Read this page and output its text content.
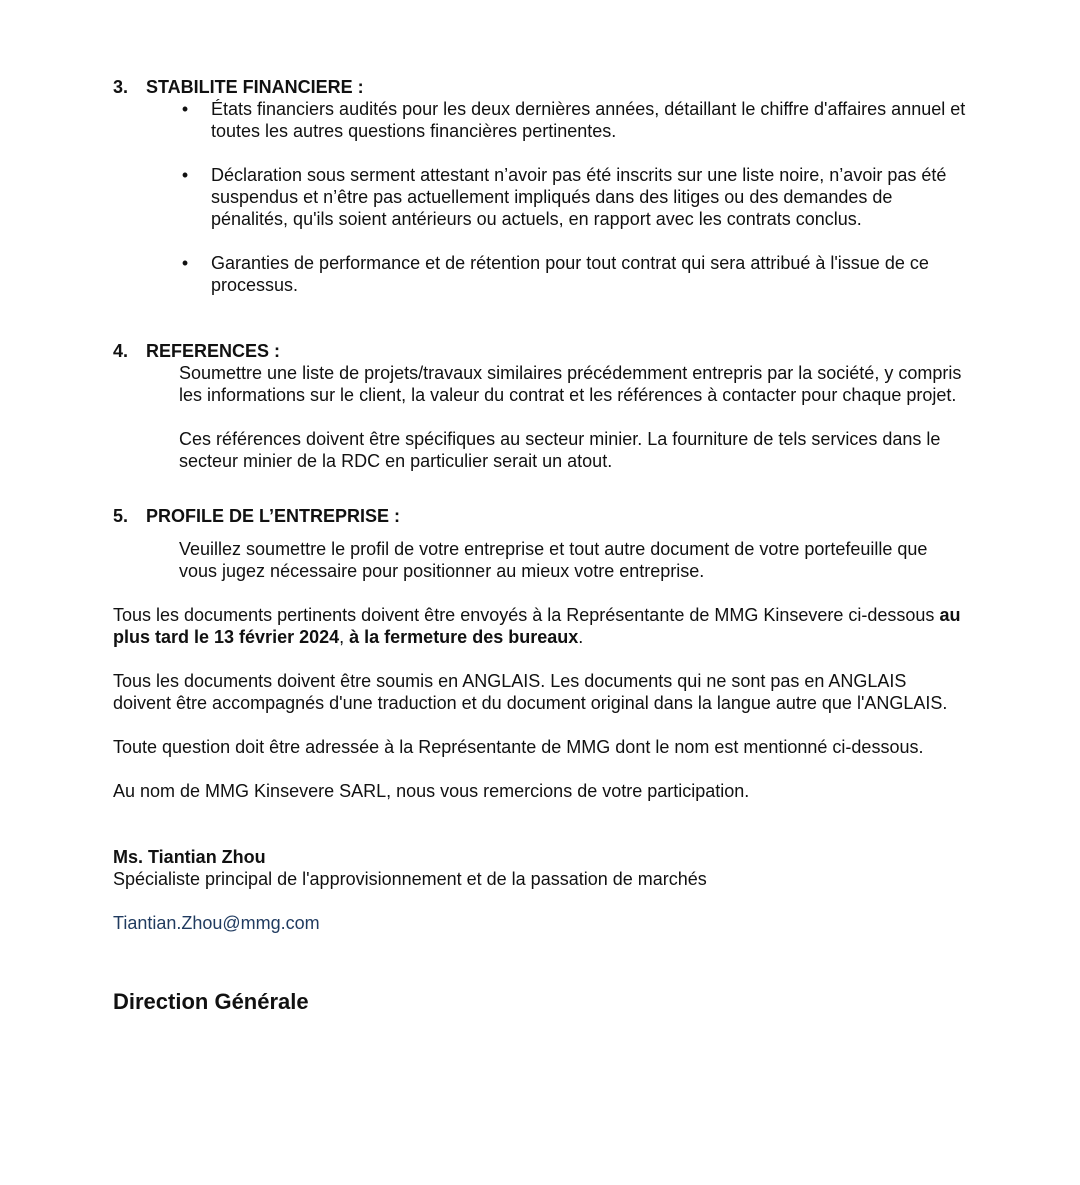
3. STABILITE FINANCIERE :
• États financiers audités pour les deux dernières années, détaillant le chiffre d'affaires annuel et toutes les autres questions financières pertinentes.
• Déclaration sous serment attestant n’avoir pas été inscrits sur une liste noire, n’avoir pas été suspendus et n’être pas actuellement impliqués dans des litiges ou des demandes de pénalités, qu'ils soient antérieurs ou actuels, en rapport avec les contrats conclus.
• Garanties de performance et de rétention pour tout contrat qui sera attribué à l'issue de ce processus.
4. REFERENCES :

Soumettre une liste de projets/travaux similaires précédemment entrepris par la société, y compris les informations sur le client, la valeur du contrat et les références à contacter pour chaque projet.

Ces références doivent être spécifiques au secteur minier. La fourniture de tels services dans le secteur minier de la RDC en particulier serait un atout.

5. PROFILE DE L’ENTREPRISE :

Veuillez soumettre le profil de votre entreprise et tout autre document de votre portefeuille que vous jugez nécessaire pour positionner au mieux votre entreprise.

Tous les documents pertinents doivent être envoyés à la Représentante de MMG Kinsevere ci-dessous au plus tard le 13 février 2024, à la fermeture des bureaux.

Tous les documents doivent être soumis en ANGLAIS. Les documents qui ne sont pas en ANGLAIS doivent être accompagnés d'une traduction et du document original dans la langue autre que l'ANGLAIS.

Toute question doit être adressée à la Représentante de MMG dont le nom est mentionné ci-dessous.

Au nom de MMG Kinsevere SARL, nous vous remercions de votre participation.

Ms. Tiantian Zhou

Spécialiste principal de l'approvisionnement et de la passation de marchés

Tiantian.Zhou@mmg.com

Direction Générale
